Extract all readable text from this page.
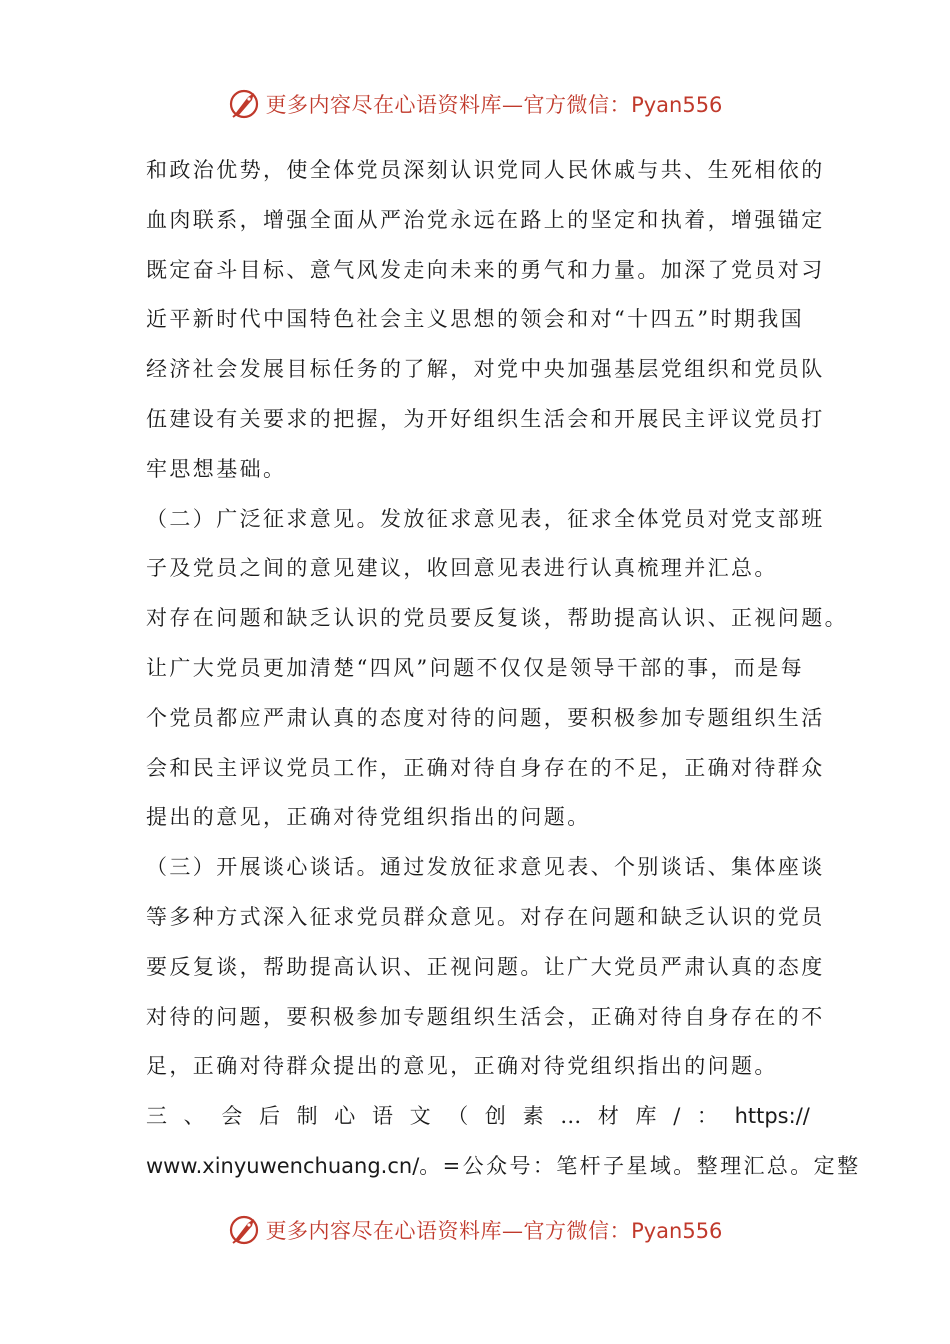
更多内容尽在心语资料库—官方微信：Pyan556
和政治优势，使全体党员深刻认识党同人民休戚与共、生死相依的
血肉联系，增强全面从严治党永远在路上的坚定和执着，增强锚定
既定奋斗目标、意气风发走向未来的勇气和力量。加深了党员对习
近平新时代中国特色社会主义思想的领会和对“十四五”时期我国
经济社会发展目标任务的了解，对党中央加强基层党组织和党员队
伍建设有关要求的把握，为开好组织生活会和开展民主评议党员打
牢思想基础。
（二）广泛征求意见。发放征求意见表，征求全体党员对党支部班
子及党员之间的意见建议，收回意见表进行认真梳理并汇总。
对存在问题和缺乏认识的党员要反复谈，帮助提高认识、正视问题。
让广大党员更加清楚“四风”问题不仅仅是领导干部的事，而是每
个党员都应严肃认真的态度对待的问题，要积极参加专题组织生活
会和民主评议党员工作，正确对待自身存在的不足，正确对待群众
提出的意见，正确对待党组织指出的问题。
（三）开展谈心谈话。通过发放征求意见表、个别谈话、集体座谈
等多种方式深入征求党员群众意见。对存在问题和缺乏认识的党员
要反复谈，帮助提高认识、正视问题。让广大党员严肃认真的态度
对待的问题，要积极参加专题组织生活会，正确对待自身存在的不
足，正确对待群众提出的意见，正确对待党组织指出的问题。
三 、 会 后 制 心 语 文 （ 创 素 … 材 库 / ： https://
www.xinyuwenchuang.cn/。=公众号：笔杆子星域。整理汇总。定整
更多内容尽在心语资料库—官方微信：Pyan556
